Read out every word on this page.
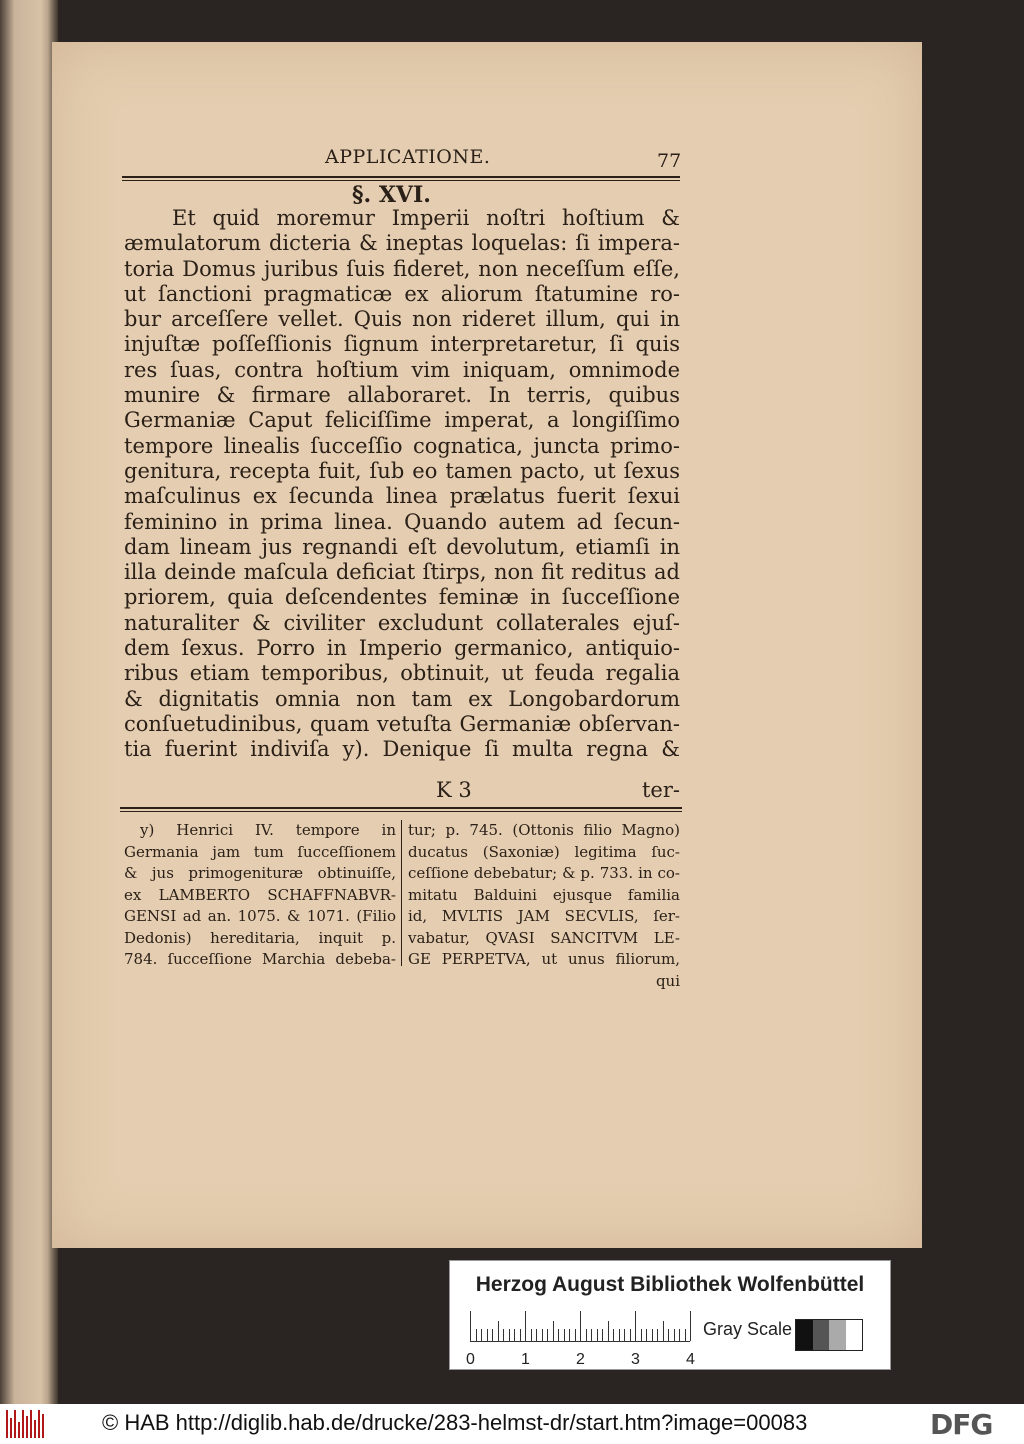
APPLICATIONE.	77
§. XVI.
Et quid moremur Imperii noſtri hoſtium &
æmulatorum dicteria & ineptas loquelas: ſi impera-
toria Domus juribus ſuis fideret, non neceſſum eſſe,
ut ſanctioni pragmaticæ ex aliorum ſtatumine ro-
bur arceſſere vellet. Quis non rideret illum, qui in
injuſtæ poſſeſſionis ſignum interpretaretur, ſi quis
res ſuas, contra hoſtium vim iniquam, omnimode
munire & firmare allaboraret. In terris, quibus
Germaniæ Caput feliciſſime imperat, a longiſſimo
tempore linealis ſucceſſio cognatica, juncta primo-
genitura, recepta fuit, ſub eo tamen pacto, ut ſexus
maſculinus ex ſecunda linea prælatus fuerit ſexui
feminino in prima linea. Quando autem ad ſecun-
dam lineam jus regnandi eſt devolutum, etiamſi in
illa deinde maſcula deficiat ſtirps, non fit reditus ad
priorem, quia deſcendentes feminæ in ſucceſſione
naturaliter & civiliter excludunt collaterales ejuſ-
dem ſexus. Porro in Imperio germanico, antiquio-
ribus etiam temporibus, obtinuit, ut feuda regalia
& dignitatis omnia non tam ex Longobardorum
conſuetudinibus, quam vetuſta Germaniæ obſervan-
tia fuerint indiviſa y). Denique ſi multa regna &
K 3	ter-
y) Henrici IV. tempore in
Germania jam tum ſucceſſionem
& jus primogenituræ obtinuiſſe,
ex LAMBERTO SCHAFFNABVR-
GENSI ad an. 1075. & 1071. (Filio
Dedonis) hereditaria, inquit p.
784. ſucceſſione Marchia debeba-
tur; p. 745. (Ottonis filio Magno)
ducatus (Saxoniæ) legitima ſuc-
ceſſione debebatur; & p. 733. in co-
mitatu Balduini ejusque familia
id, MVLTIS JAM SECVLIS, ſer-
vabatur, QVASI SANCITVM LE-
GE PERPETVA, ut unus filiorum,
qui
Herzog August Bibliothek Wolfenbüttel
0	1	2	3	4
Gray Scale
© HAB http://diglib.hab.de/drucke/283-helmst-dr/start.htm?image=00083	DFG
